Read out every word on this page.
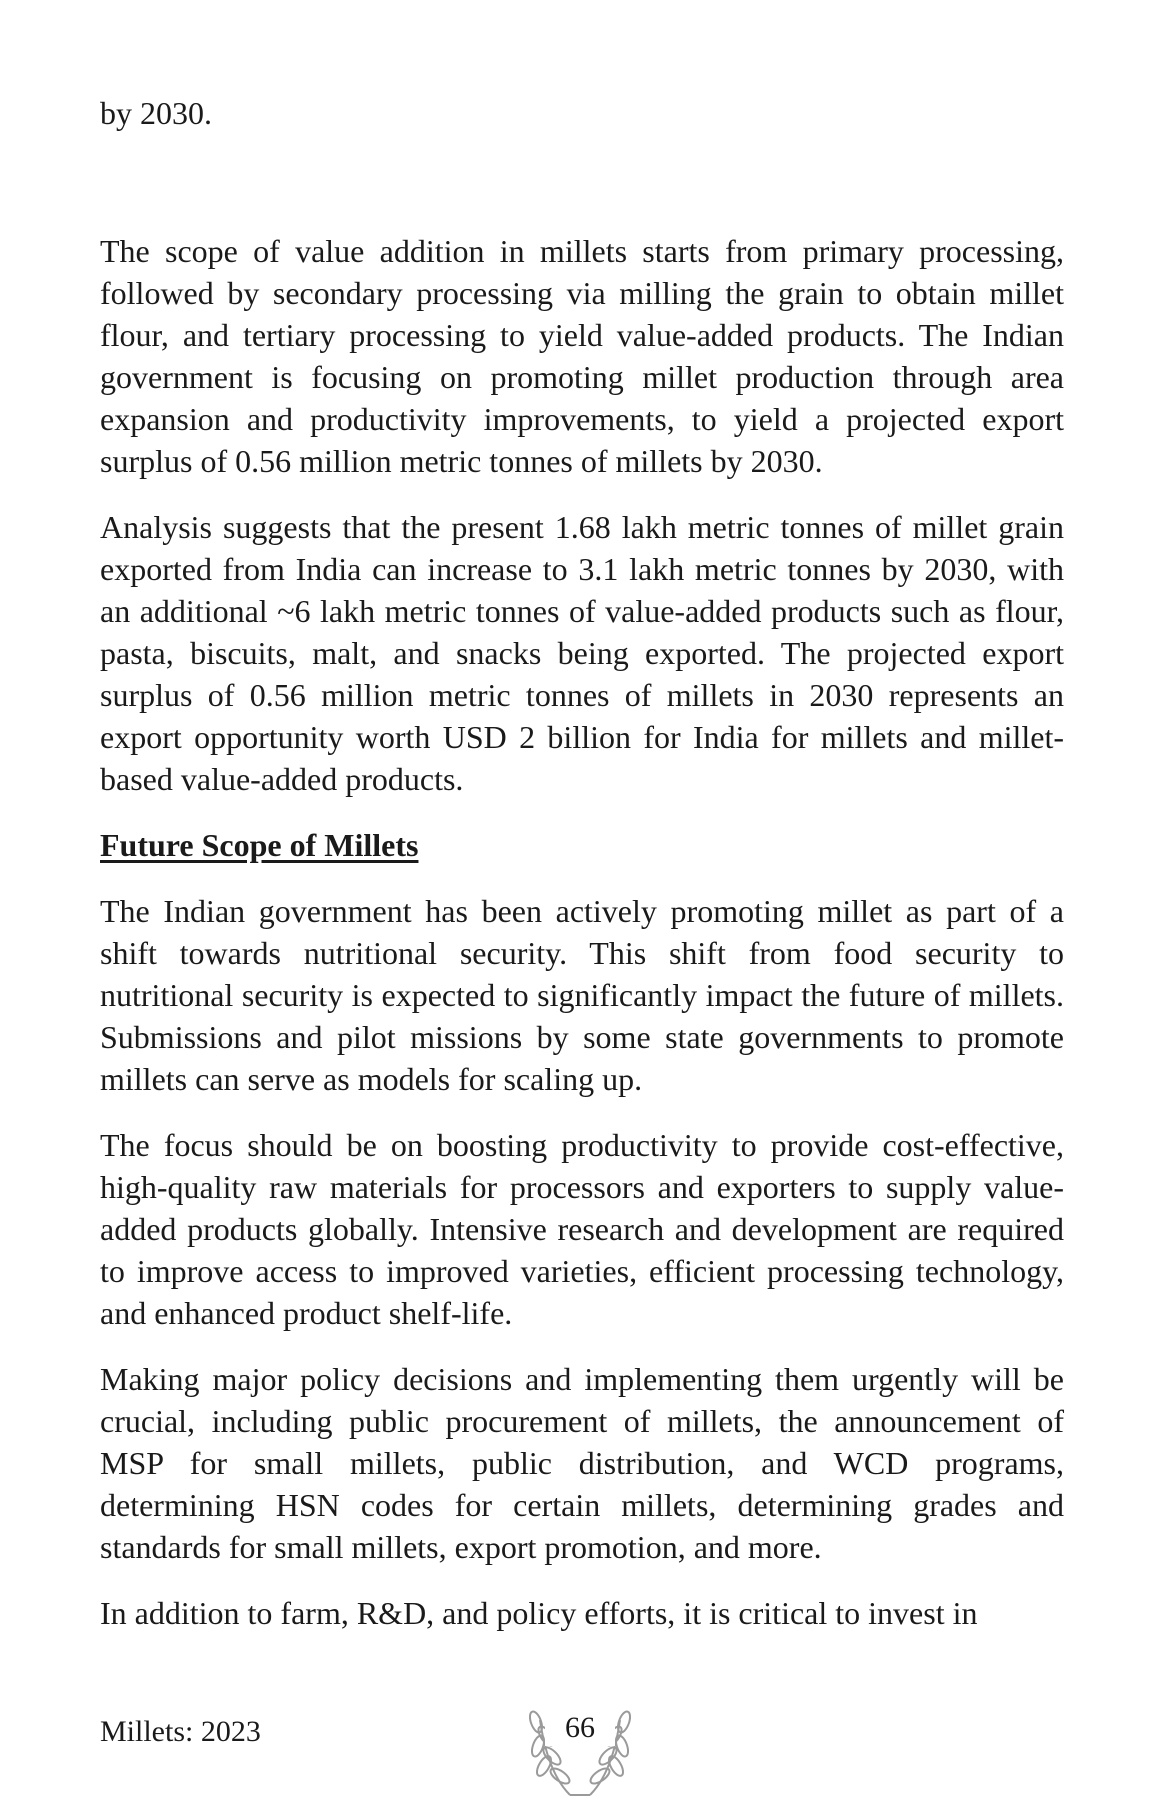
by 2030.

The scope of value addition in millets starts from primary processing, followed by secondary processing via milling the grain to obtain millet flour, and tertiary processing to yield value-added products. The Indian government is focusing on promoting millet production through area expansion and productivity improvements, to yield a projected export surplus of 0.56 million metric tonnes of millets by 2030.

Analysis suggests that the present 1.68 lakh metric tonnes of millet grain exported from India can increase to 3.1 lakh metric tonnes by 2030, with an additional ~6 lakh metric tonnes of value-added products such as flour, pasta, biscuits, malt, and snacks being exported. The projected export surplus of 0.56 million metric tonnes of millets in 2030 represents an export opportunity worth USD 2 billion for India for millets and millet-based value-added products.

Future Scope of Millets

The Indian government has been actively promoting millet as part of a shift towards nutritional security. This shift from food security to nutritional security is expected to significantly impact the future of millets. Submissions and pilot missions by some state governments to promote millets can serve as models for scaling up.

The focus should be on boosting productivity to provide cost-effective, high-quality raw materials for processors and exporters to supply value-added products globally. Intensive research and development are required to improve access to improved varieties, efficient processing technology, and enhanced product shelf-life.

Making major policy decisions and implementing them urgently will be crucial, including public procurement of millets, the announcement of MSP for small millets, public distribution, and WCD programs, determining HSN codes for certain millets, determining grades and standards for small millets, export promotion, and more.

In addition to farm, R&D, and policy efforts, it is critical to invest in

Millets: 2023	66
